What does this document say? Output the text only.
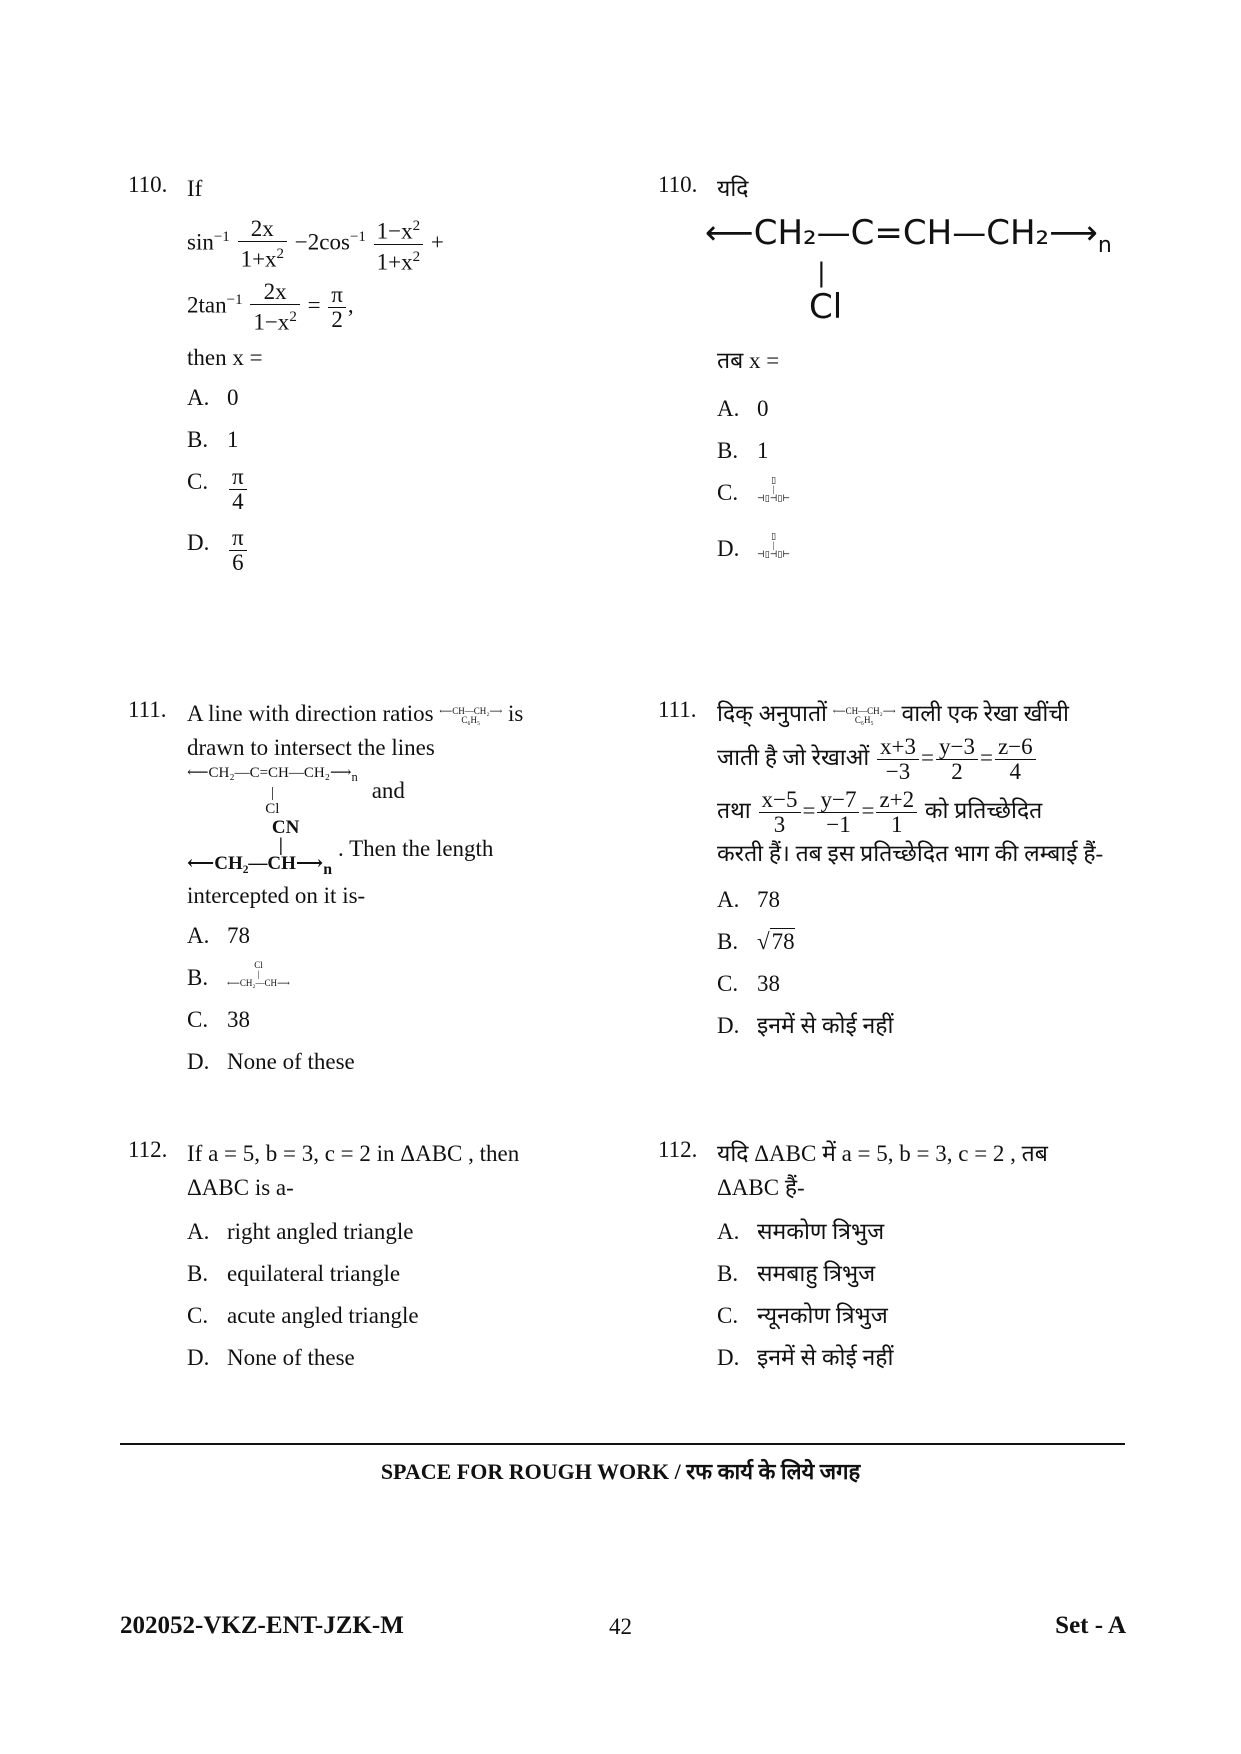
110. If
$\sin^{-1} \frac{2x}{1+x^2} -2\cos^{-1} \frac{1-x^2}{1+x^2}$ +
$2\tan^{-1} \frac{2x}{1-x^2} = \frac{\pi}{2}$ ,
then x =
A. 0
B. 1
C. $\frac{\pi}{4}$
D. $\frac{\pi}{6}$
111. A line with direction ratios ⟵CH—CH₂⟶
C₆H₅ is
drawn to intersect the lines
$⟵CH_2—C=CH—CH_2⟶_n$
|
Cl
and
CN
|
$⟵CH_2—CH⟶_n$
. Then the length
intercepted on it is-
A. 78
B.	Cl
|
⟵CH₂—CH⟶
C. 38
D. None of these
112. If a = 5, b = 3, c = 2 in ΔABC , then
ΔABC is a-
A. right angled triangle
B. equilateral triangle
C. acute angled triangle
D. None of these
110. यदि
$⟵CH_2—C=CH—CH_2⟶_n$
|
Cl
तब x =
A. 0
B. 1
C.	▯
|
⊣▯⊣▯⊢
D.	▯
|
⊣▯⊣▯⊢
111. दिक् अनुपातों ⟵CH—CH₂⟶
C₆H₅ वाली एक रेखा खींची
जाती है जो रेखाओं $\frac{x+3}{-3} = \frac{y-3}{2} = \frac{z-6}{4}$
तथा $\frac{x-5}{3} = \frac{y-7}{-1} = \frac{z+2}{1}$ को प्रतिच्छेदित
करती हैं। तब इस प्रतिच्छेदित भाग की लम्बाई हैं-
A. 78
B. √78
C. 38
D. इनमें से कोई नहीं
112. यदि ΔABC में a = 5, b = 3, c = 2 , तब
ΔABC हैं-
A. समकोण त्रिभुज
B. समबाहु त्रिभुज
C. न्यूनकोण त्रिभुज
D. इनमें से कोई नहीं
SPACE FOR ROUGH WORK / रफ कार्य के लिये जगह
202052-VKZ-ENT-JZK-M	42	Set - A
